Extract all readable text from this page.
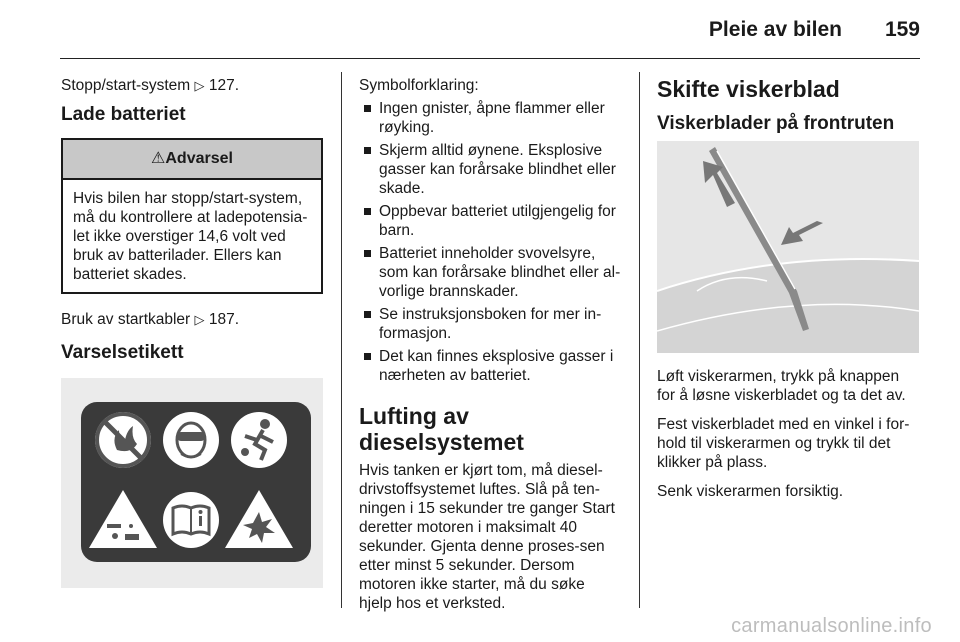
Pleie av bilen 159

Stopp/start-system ▷ 127.

Lade batteriet
⚠Advarsel
Hvis bilen har stopp/start-system, må du kontrollere at ladepotensia-let ikke overstiger 14,6 volt ved bruk av batterilader. Ellers kan batteriet skades.

Bruk av startkabler ▷ 187.

Varselsetikett

Symbolforklaring:

Ingen gnister, åpne flammer eller røyking.
Skjerm alltid øynene. Eksplosive gasser kan forårsake blindhet eller skade.
Oppbevar batteriet utilgjengelig for barn.
Batteriet inneholder svovelsyre, som kan forårsake blindhet eller al-vorlige brannskader.
Se instruksjonsboken for mer in-formasjon.
Det kan finnes eksplosive gasser i nærheten av batteriet.
Lufting av dieselsystemet

Hvis tanken er kjørt tom, må diesel-drivstoffsystemet luftes. Slå på ten-ningen i 15 sekunder tre ganger Start deretter motoren i maksimalt 40 sekunder. Gjenta denne proses-sen etter minst 5 sekunder. Dersom motoren ikke starter, må du søke hjelp hos et verksted.

Skifte viskerblad
Viskerblader på frontruten

Løft viskerarmen, trykk på knappen for å løsne viskerbladet og ta det av.

Fest viskerbladet med en vinkel i for-hold til viskerarmen og trykk til det klikker på plass.

Senk viskerarmen forsiktig.

carmanualsonline.info
